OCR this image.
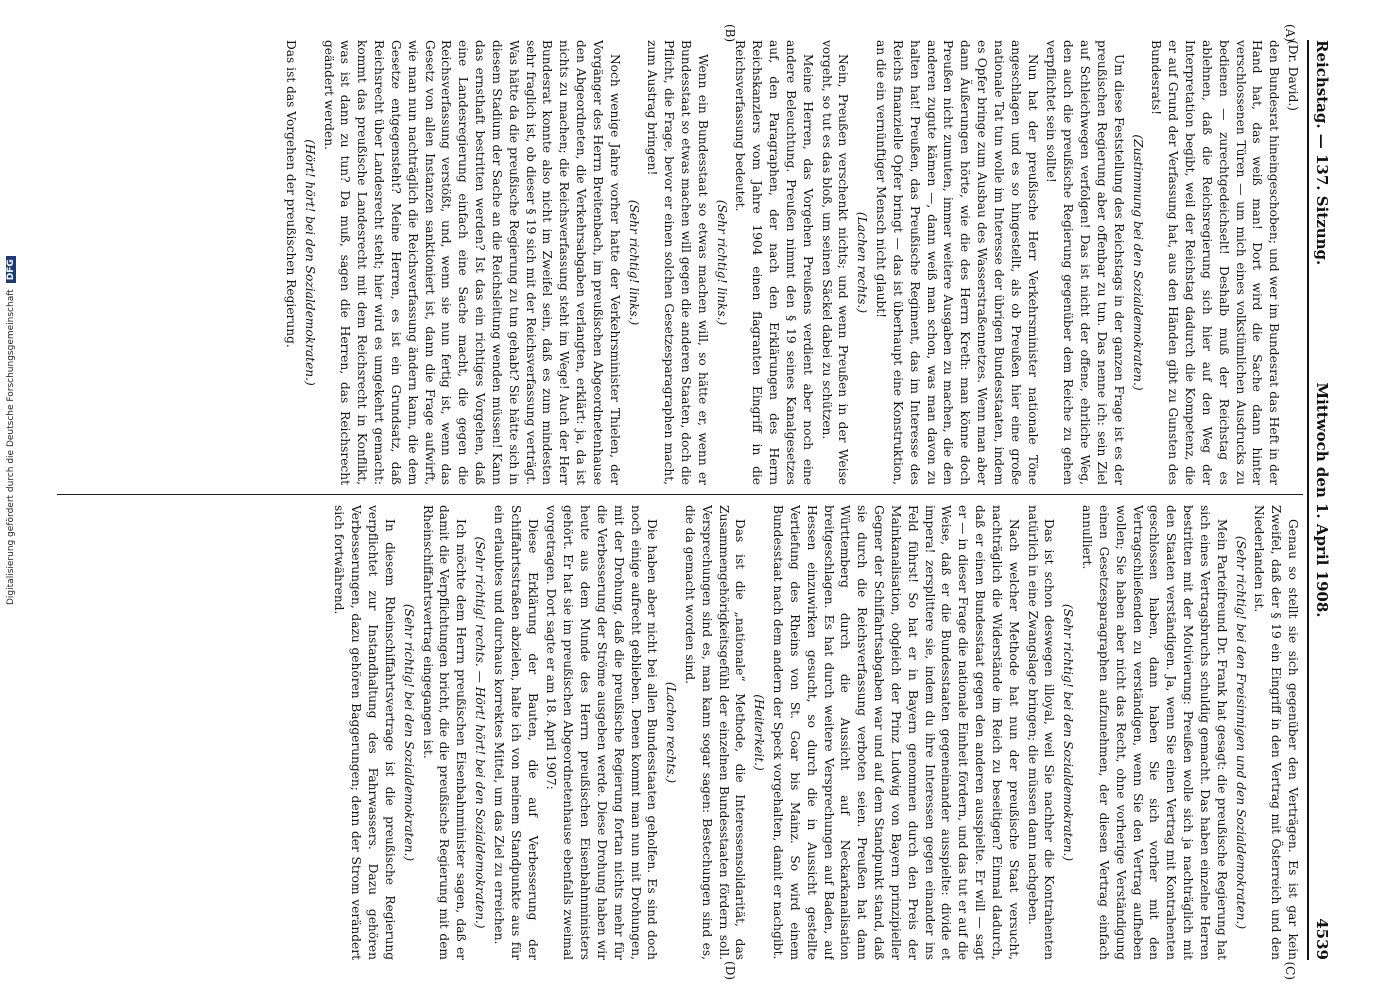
Reichstag. — 137. Sitzung.
Mittwoch den 1. April 1908.
4539
(A)
(B)
(C)
(D)

(Dr. David.)

den Bundesrat hineingeschoben; und wer im Bundesrat das Heft in der Hand hat, das weiß man! Dort wird die Sache dann hinter verschlossenen Türen — um mich eines volkstümlichen Ausdrucks zu bedienen — zurechtgedeichselt! Deshalb muß der Reichstag es ablehnen, daß die Reichsregierung sich hier auf den Weg der Interpretation begibt, weil der Reichstag dadurch die Kompetenz, die er auf Grund der Verfassung hat, aus den Händen gibt zu Gunsten des Bundesrats!

(Zustimmung bei den Sozialdemokraten.)

Um diese Feststellung des Reichstags in der ganzen Frage ist es der preußischen Regierung aber offenbar zu tun. Das nenne ich: sein Ziel auf Schleichwegen verfolgen! Das ist nicht der offene, ehrliche Weg, den auch die preußische Regierung gegenüber dem Reiche zu gehen verpflichtet sein sollte!

Nun hat der preußische Herr Verkehrsminister nationale Töne angeschlagen und es so hingestellt, als ob Preußen hier eine große nationale Tat tun wolle im Interesse der übrigen Bundesstaaten, indem es Opfer bringe zum Ausbau des Wasserstraßennetzes. Wenn man aber dann Äußerungen hörte, wie die des Herrn Kreth: man könne doch Preußen nicht zumuten, immer weitere Ausgaben zu machen, die den anderen zugute kämen —, dann weiß man schon, was man davon zu halten hat! Preußen, das Preußische Regiment, das im Interesse des Reichs finanzielle Opfer bringt — das ist überhaupt eine Konstruktion, an die ein vernünftiger Mensch nicht glaubt!

(Lachen rechts.)

Nein, Preußen verschenkt nichts; und wenn Preußen in der Weise vorgeht, so tut es das bloß, um seinen Säckel dabei zu schützen.

Meine Herren, das Vorgehen Preußens verdient aber noch eine andere Beleuchtung. Preußen nimmt den § 19 seines Kanalgesetzes auf, den Paragraphen, der nach den Erklärungen des Herrn Reichskanzlers vom Jahre 1904 einen flagranten Eingriff in die Reichsverfassung bedeutet.

(Sehr richtig! links.)

Wenn ein Bundesstaat so etwas machen will, so hätte er, wenn er Bundesstaat so etwas machen will gegen die anderen Staaten, doch die Pflicht, die Frage, bevor er einen solchen Gesetzesparagraphen macht, zum Austrag bringen!

(Sehr richtig! links.)

Noch wenige Jahre vorher hatte der Verkehrsminister Thielen, der Vorgänger des Herrn Breitenbach, im preußischen Abgeordnetenhause den Abgeordneten, die Verkehrsabgaben verlangten, erklärt: ja, da ist nichts zu machen; die Reichsverfassung steht im Wege! Auch der Herr Bundesrat konnte also nicht im Zweifel sein, daß es zum mindesten sehr fraglich ist, ob dieser § 19 sich mit der Reichsverfassung verträgt. Was hätte da die preußische Regierung zu tun gehabt? Sie hätte sich in diesem Stadium der Sache an die Reichsleitung wenden müssen! Kann das ernsthaft bestritten werden? Ist das ein richtiges Vorgehen, daß eine Landesregierung einfach eine Sache macht, die gegen die Reichsverfassung verstößt, und, wenn sie nun fertig ist, wenn das Gesetz von allen Instanzen sanktioniert ist, dann die Frage aufwirft, wie man nun nachträglich die Reichsverfassung ändern kann, die dem Gesetze entgegensteht? Meine Herren, es ist ein Grundsatz, daß Reichsrecht über Landesrecht steht; hier wird es umgekehrt gemacht: kommt das preußische Landesrecht mit dem Reichsrecht in Konflikt, was ist dann zu tun? Da muß, sagen die Herren, das Reichsrecht geändert werden.

(Hört! hört! bei den Sozialdemokraten.)

Das ist das Vorgehen der preußischen Regierung.

Genau so stellt sie sich gegenüber den Verträgen. Es ist gar kein Zweifel, daß der § 19 ein Eingriff in den Vertrag mit Österreich und den Niederlanden ist.

(Sehr richtig! bei den Freisinnigen und den Sozialdemokraten.)

Mein Parteifreund Dr. Frank hat gesagt: die preußische Regierung hat sich eines Vertragsbruchs schuldig gemacht. Das haben einzelne Herren bestritten mit der Motivierung: Preußen wolle sich ja nachträglich mit den Staaten verständigen. Ja, wenn Sie einen Vertrag mit Kontrahenten geschlossen haben, dann haben Sie sich vorher mit den Vertragschließenden zu verständigen, wenn Sie den Vertrag aufheben wollen; Sie haben aber nicht das Recht, ohne vorherige Verständigung einen Gesetzesparagraphen aufzunehmen, der diesen Vertrag einfach annulliert.

(Sehr richtig! bei den Sozialdemokraten.)

Das ist schon deswegen illoyal, weil Sie nachher die Kontrahenten natürlich in eine Zwangslage bringen; die müssen dann nachgeben.

Nach welcher Methode hat nun der preußische Staat versucht, nachträglich die Widerstände im Reich zu beseitigen? Einmal dadurch, daß er einen Bundesstaat gegen den anderen ausspielte. Er will — sagt er — in dieser Frage die nationale Einheit fördern, und das tut er auf die Weise, daß er die Bundesstaaten gegeneinander ausspielte: divide et impera! zersplittere sie, indem du ihre Interessen gegen einander ins Feld führst! So hat er in Bayern genommen durch den Preis der Mainkanalisation, obgleich der Prinz Ludwig von Bayern prinzipieller Gegner der Schiffahrtsabgaben war und auf dem Standpunkt stand, daß sie durch die Reichsverfassung verboten seien. Preußen hat dann Württemberg durch die Aussicht auf Neckarkanalisation breitgeschlagen. Es hat durch weitere Versprechungen auf Baden, auf Hessen einzuwirken gesucht, so durch die in Aussicht gestellte Vertiefung des Rheins von St. Goar bis Mainz. So wird einem Bundesstaat nach dem andern der Speck vorgehalten, damit er nachgibt.

(Heiterkeit.)

Das ist die „nationale“ Methode, die Interessensolidarität, das Zusammengehörigkeitsgefühl der einzelnen Bundesstaaten fördern soll. Versprechungen sind es, man kann sogar sagen: Bestechungen sind es, die da gemacht worden sind.

(Lachen rechts.)

Die haben aber nicht bei allen Bundesstaaten geholfen. Es sind doch noch einige aufrecht geblieben. Denen kommt man nun mit Drohungen, mit der Drohung, daß die preußische Regierung fortan nichts mehr für die Verbesserung der Ströme ausgeben werde. Diese Drohung haben wir heute aus dem Munde des Herrn preußischen Eisenbahnministers gehört. Er hat sie im preußischen Abgeordnetenhause ebenfalls zweimal vorgetragen. Dort sagte er am 18. April 1907:

Diese Erklärung der Bauten, die auf Verbesserung der Schiffahrtsstraßen abzielen, halte ich von meinem Standpunkte aus für ein erlaubtes und durchaus korrektes Mittel, um das Ziel zu erreichen.

(Sehr richtig! rechts. — Hört! hört! bei den Sozialdemokraten.)

Ich möchte dem Herrn preußischen Eisenbahnminister sagen, daß er damit die Verpflichtungen bricht, die die preußische Regierung mit dem Rheinschiffahrtsvertrag eingegangen ist.

(Sehr richtig! bei den Sozialdemokraten.)

In diesem Rheinschiffahrtsvertrage ist die preußische Regierung verpflichtet zur Instandhaltung des Fahrwassers. Dazu gehören Verbesserungen, dazu gehören Baggerungen; denn der Strom verändert sich fortwährend.

Digitalisierung gefördert durch die Deutsche ForschungsgemeinschaftDFG
